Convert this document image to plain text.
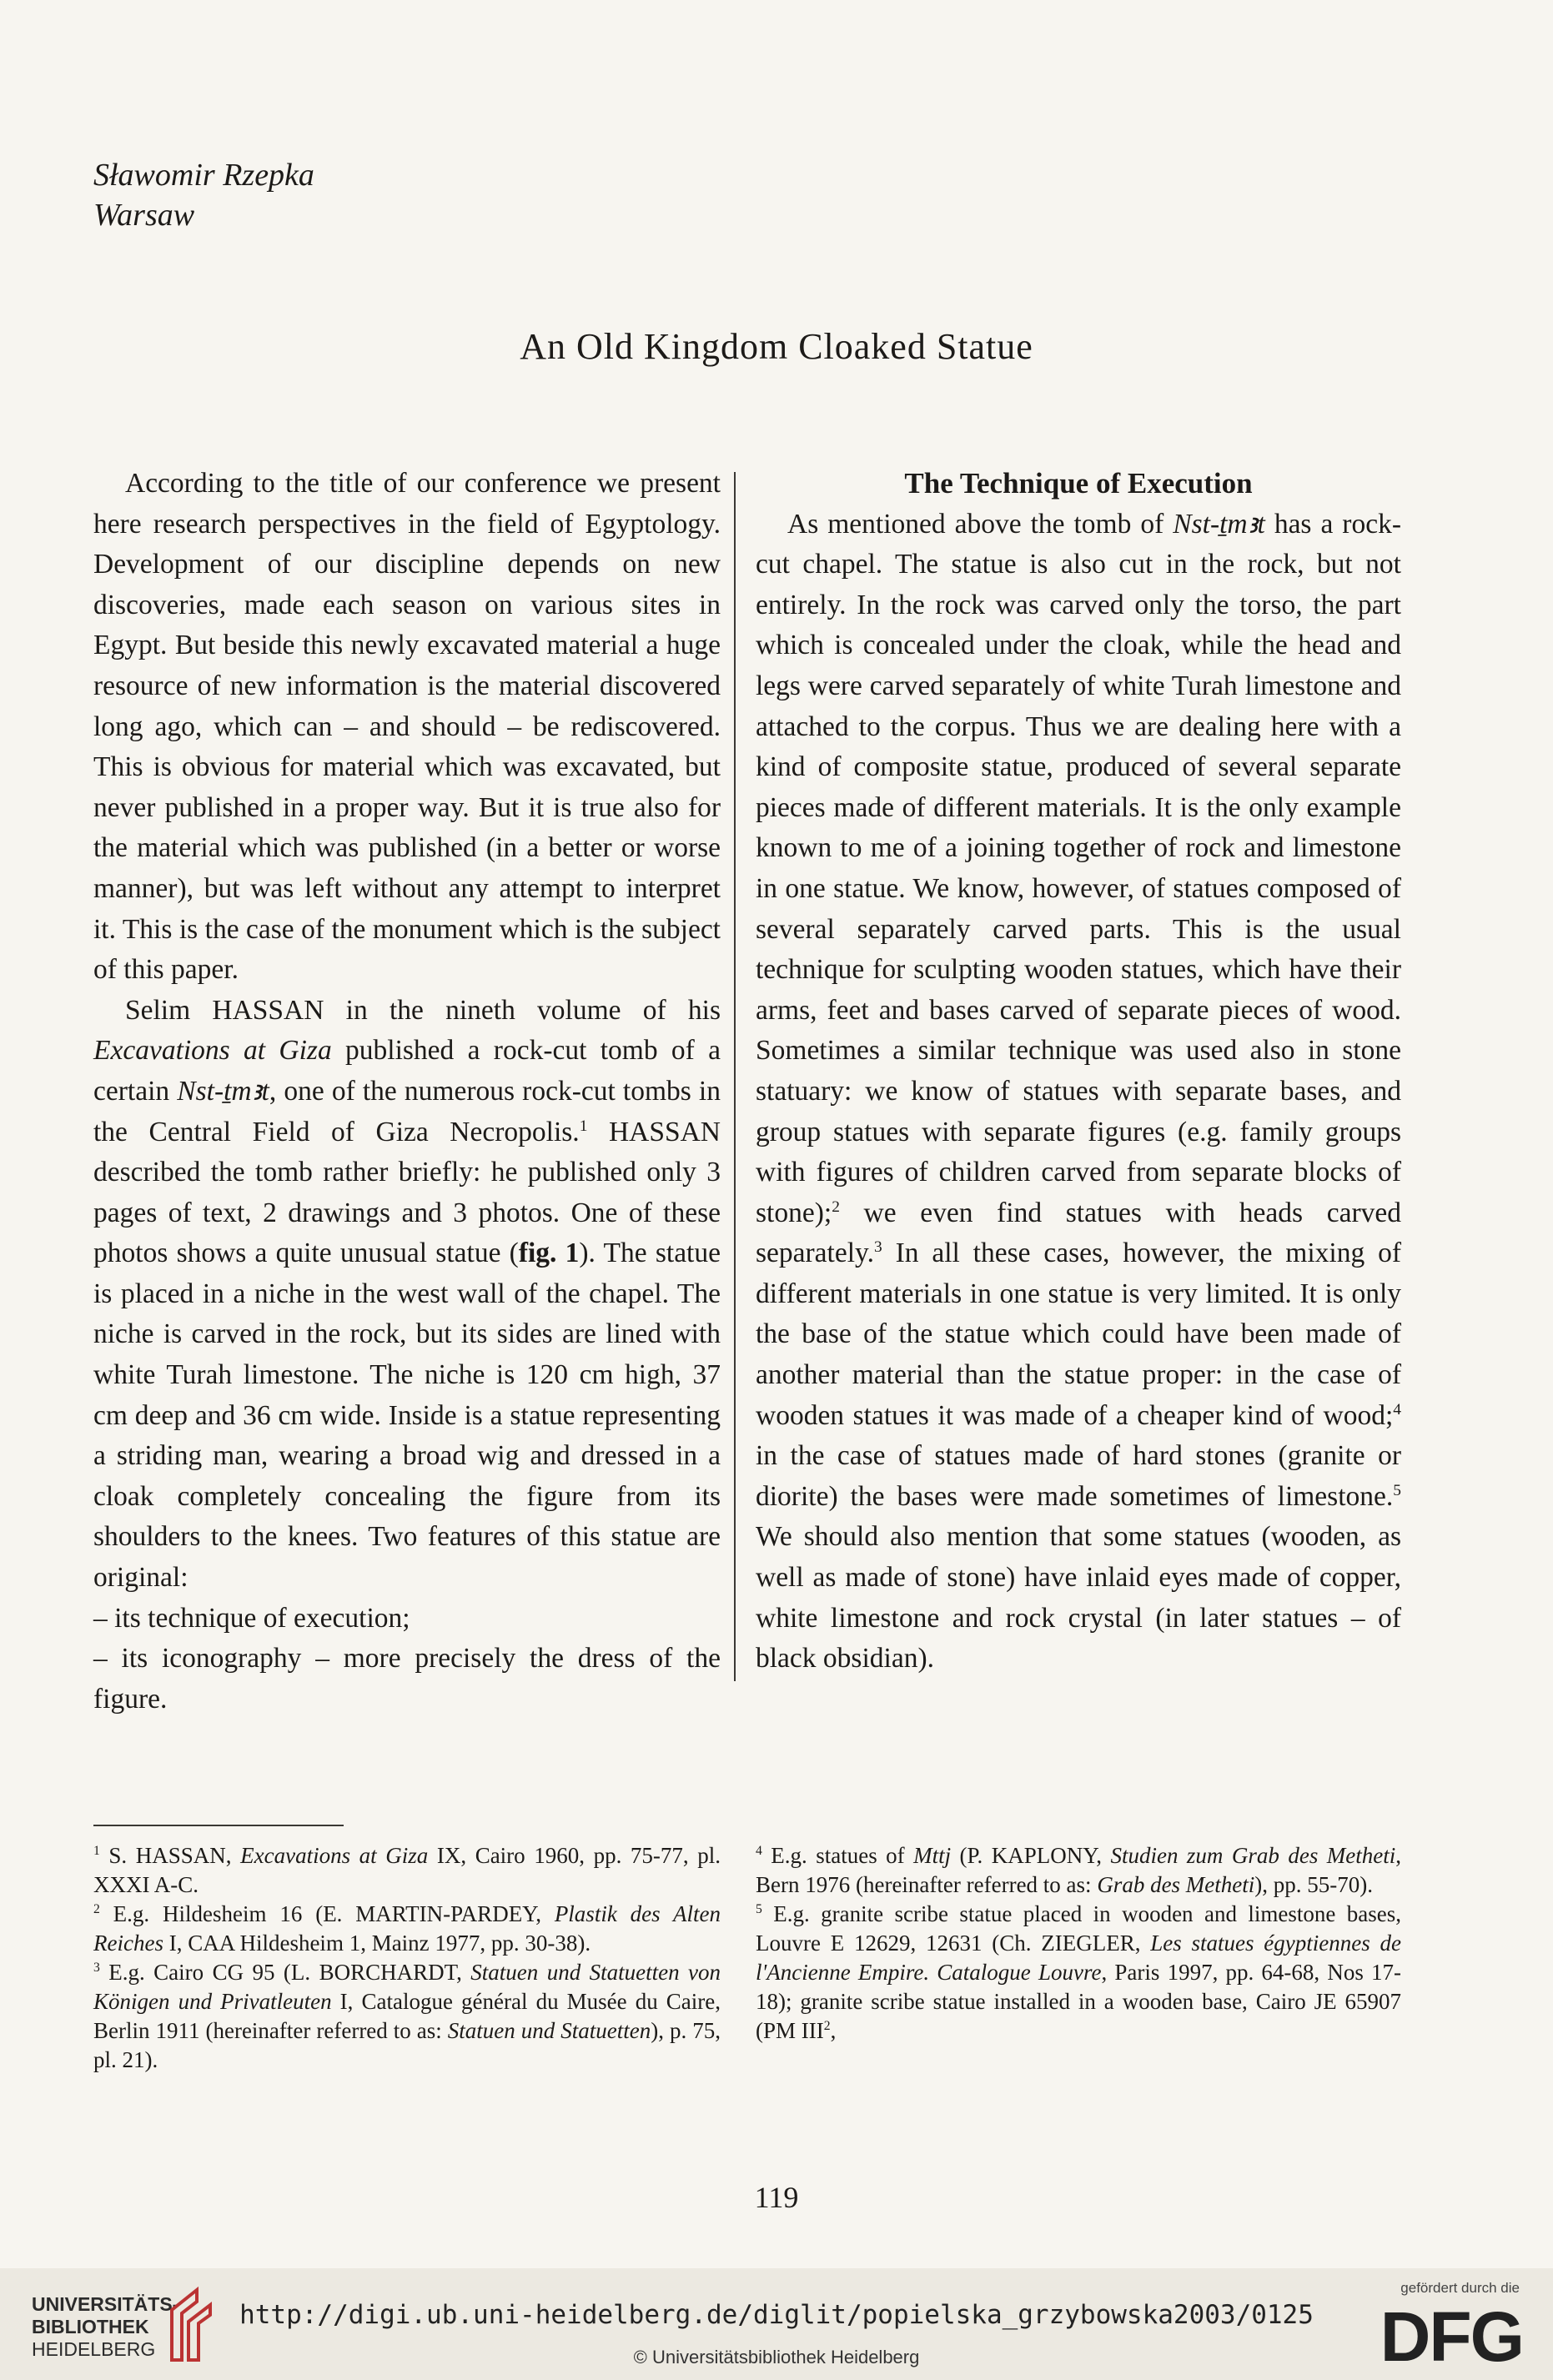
Sławomir Rzepka
Warsaw
An Old Kingdom Cloaked Statue

According to the title of our conference we present here research perspectives in the field of Egyptology. Development of our discipline depends on new discoveries, made each season on various sites in Egypt. But beside this newly excavated material a huge resource of new information is the material discovered long ago, which can – and should – be rediscovered. This is obvious for material which was excavated, but never published in a proper way. But it is true also for the material which was published (in a better or worse manner), but was left without any attempt to interpret it. This is the case of the monument which is the subject of this paper.

Selim HASSAN in the nineth volume of his Excavations at Giza published a rock-cut tomb of a certain Nst-ṯmꜣt, one of the numerous rock-cut tombs in the Central Field of Giza Necropolis.$^1$ HASSAN described the tomb rather briefly: he published only 3 pages of text, 2 drawings and 3 photos. One of these photos shows a quite unusual statue (fig. 1). The statue is placed in a niche in the west wall of the chapel. The niche is carved in the rock, but its sides are lined with white Turah limestone. The niche is 120 cm high, 37 cm deep and 36 cm wide. Inside is a statue representing a striding man, wearing a broad wig and dressed in a cloak completely concealing the figure from its shoulders to the knees. Two features of this statue are original:

– its technique of execution;

– its iconography – more precisely the dress of the figure.

The Technique of Execution

As mentioned above the tomb of Nst-ṯmꜣt has a rock-cut chapel. The statue is also cut in the rock, but not entirely. In the rock was carved only the torso, the part which is concealed under the cloak, while the head and legs were carved separately of white Turah limestone and attached to the corpus. Thus we are dealing here with a kind of composite statue, produced of several separate pieces made of different materials. It is the only example known to me of a joining together of rock and limestone in one statue. We know, however, of statues composed of several separately carved parts. This is the usual technique for sculpting wooden statues, which have their arms, feet and bases carved of separate pieces of wood. Sometimes a similar technique was used also in stone statuary: we know of statues with separate bases, and group statues with separate figures (e.g. family groups with figures of children carved from separate blocks of stone);$^2$ we even find statues with heads carved separately.$^3$ In all these cases, however, the mixing of different materials in one statue is very limited. It is only the base of the statue which could have been made of another material than the statue proper: in the case of wooden statues it was made of a cheaper kind of wood;$^4$ in the case of statues made of hard stones (granite or diorite) the bases were made sometimes of limestone.$^5$ We should also mention that some statues (wooden, as well as made of stone) have inlaid eyes made of copper, white limestone and rock crystal (in later statues – of black obsidian).

$^1$ S. HASSAN, Excavations at Giza IX, Cairo 1960, pp. 75-77, pl. XXXI A-C.

$^2$ E.g. Hildesheim 16 (E. MARTIN-PARDEY, Plastik des Alten Reiches I, CAA Hildesheim 1, Mainz 1977, pp. 30-38).

$^3$ E.g. Cairo CG 95 (L. BORCHARDT, Statuen und Statuetten von Königen und Privatleuten I, Catalogue général du Musée du Caire, Berlin 1911 (hereinafter referred to as: Statuen und Statuetten), p. 75, pl. 21).

$^4$ E.g. statues of Mttj (P. KAPLONY, Studien zum Grab des Metheti, Bern 1976 (hereinafter referred to as: Grab des Metheti), pp. 55-70).

$^5$ E.g. granite scribe statue placed in wooden and limestone bases, Louvre E 12629, 12631 (Ch. ZIEGLER, Les statues égyptiennes de l'Ancienne Empire. Catalogue Louvre, Paris 1997, pp. 64-68, Nos 17-18); granite scribe statue installed in a wooden base, Cairo JE 65907 (PM III$^2$,

119
UNIVERSITÄTS-
BIBLIOTHEK
HEIDELBERG
http://digi.ub.uni-heidelberg.de/diglit/popielska_grzybowska2003/0125
© Universitätsbibliothek Heidelberg
gefördert durch die
DFG
